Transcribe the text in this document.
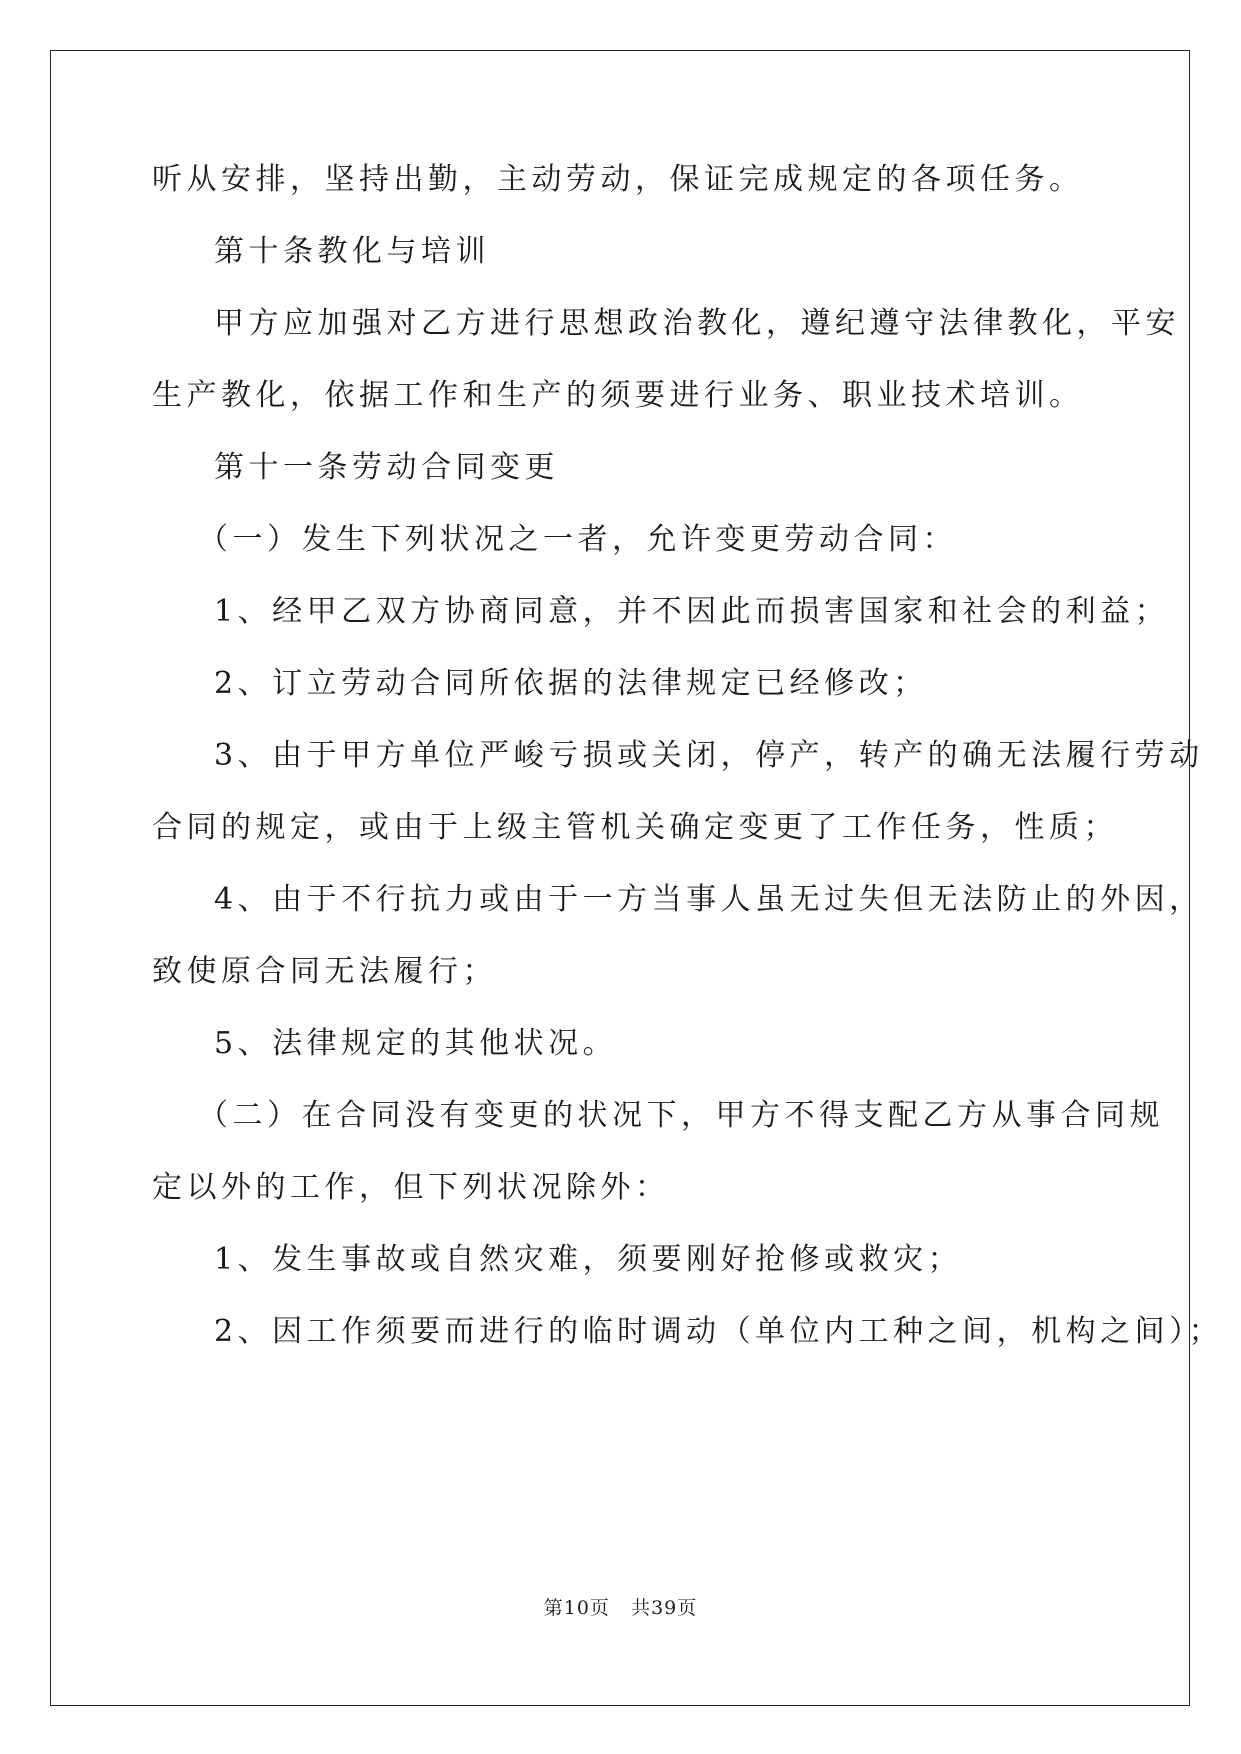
听从安排，坚持出勤，主动劳动，保证完成规定的各项任务。
第十条教化与培训
甲方应加强对乙方进行思想政治教化，遵纪遵守法律教化，平安
生产教化，依据工作和生产的须要进行业务、职业技术培训。
第十一条劳动合同变更
（一）发生下列状况之一者，允许变更劳动合同：
1、经甲乙双方协商同意，并不因此而损害国家和社会的利益；
2、订立劳动合同所依据的法律规定已经修改；
3、由于甲方单位严峻亏损或关闭，停产，转产的确无法履行劳动
合同的规定，或由于上级主管机关确定变更了工作任务，性质；
4、由于不行抗力或由于一方当事人虽无过失但无法防止的外因，
致使原合同无法履行；
5、法律规定的其他状况。
（二）在合同没有变更的状况下，甲方不得支配乙方从事合同规
定以外的工作，但下列状况除外：
1、发生事故或自然灾难，须要刚好抢修或救灾；
2、因工作须要而进行的临时调动（单位内工种之间，机构之间）；
第10页 共39页
